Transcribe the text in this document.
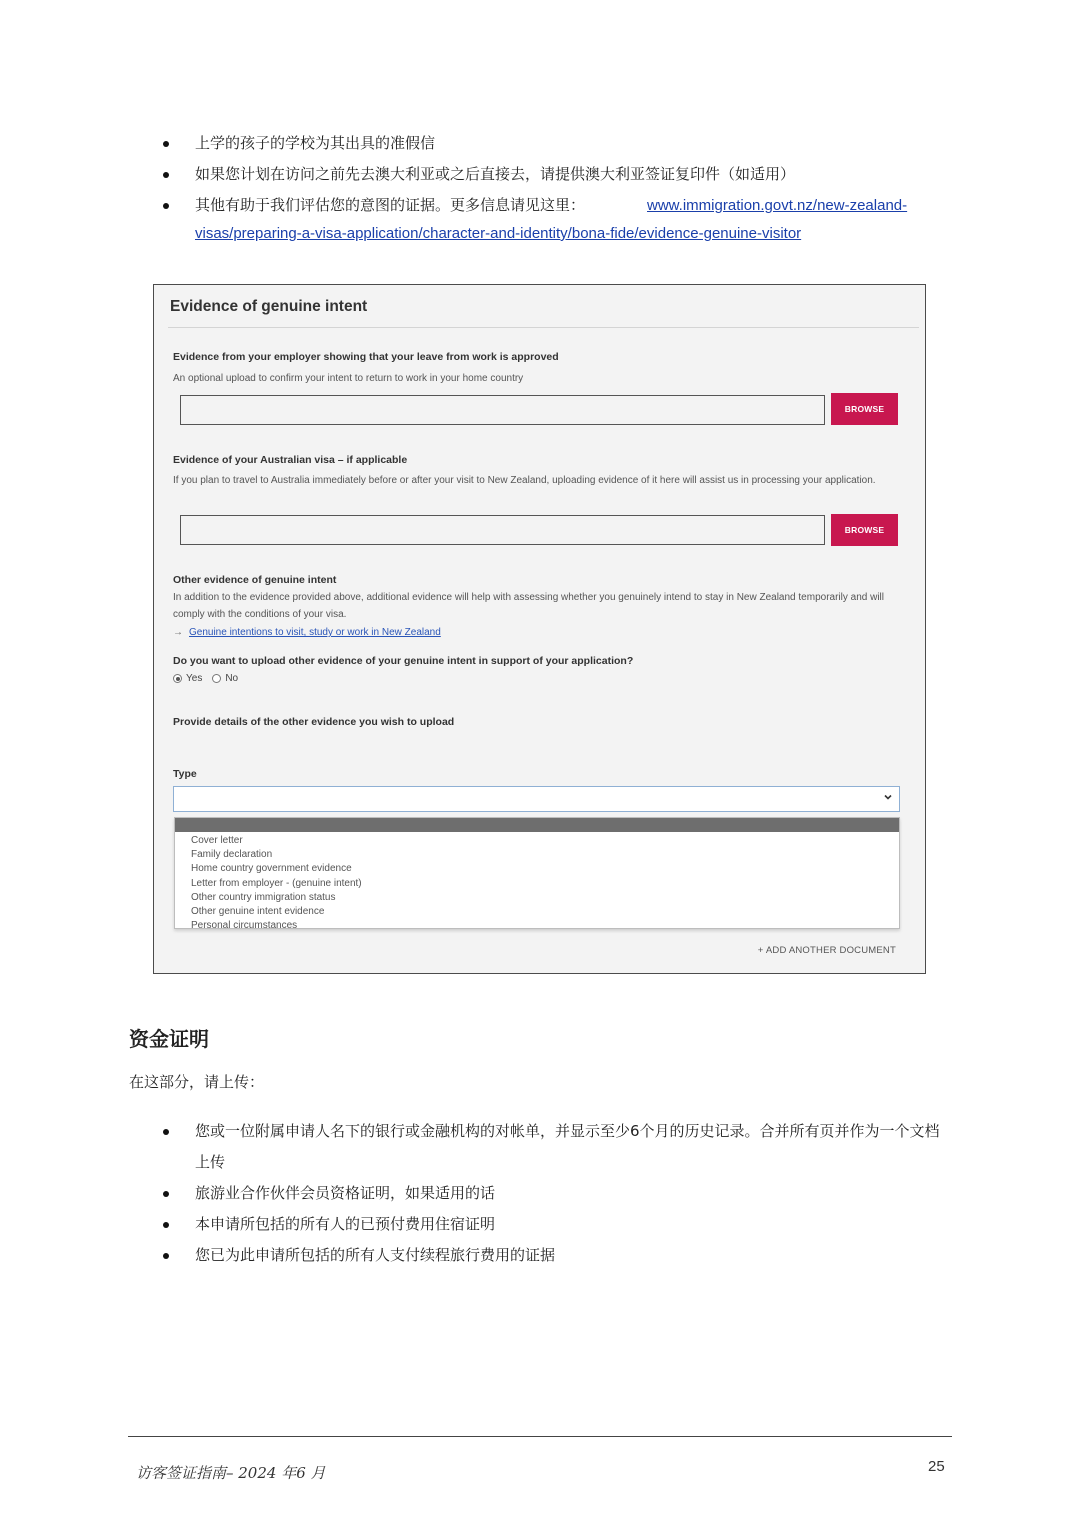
上学的孩子的学校为其出具的准假信
如果您计划在访问之前先去澳大利亚或之后直接去，请提供澳大利亚签证复印件（如适用）
其他有助于我们评估您的意图的证据。更多信息请见这里：	www.immigration.govt.nz/new-zealand-
visas/preparing-a-visa-application/character-and-identity/bona-fide/evidence-genuine-visitor
Evidence of genuine intent
Evidence from your employer showing that your leave from work is approved
An optional upload to confirm your intent to return to work in your home country
BROWSE
Evidence of your Australian visa – if applicable
If you plan to travel to Australia immediately before or after your visit to New Zealand, uploading evidence of it here will assist us in processing your application.
BROWSE
Other evidence of genuine intent
In addition to the evidence provided above, additional evidence will help with assessing whether you genuinely intend to stay in New Zealand temporarily and will comply with the conditions of your visa.
→ Genuine intentions to visit, study or work in New Zealand
Do you want to upload other evidence of your genuine intent in support of your application?
Yes No
Provide details of the other evidence you wish to upload
Type
Cover letter
Family declaration
Home country government evidence
Letter from employer - (genuine intent)
Other country immigration status
Other genuine intent evidence
Personal circumstances
+ ADD ANOTHER DOCUMENT
资金证明
在这部分，请上传：
您或一位附属申请人名下的银行或金融机构的对帐单，并显示至少6个月的历史记录。合并所有页并作为一个文档上传
旅游业合作伙伴会员资格证明，如果适用的话
本申请所包括的所有人的已预付费用住宿证明
您已为此申请所包括的所有人支付续程旅行费用的证据
访客签证指南– 2024 年6 月	25
